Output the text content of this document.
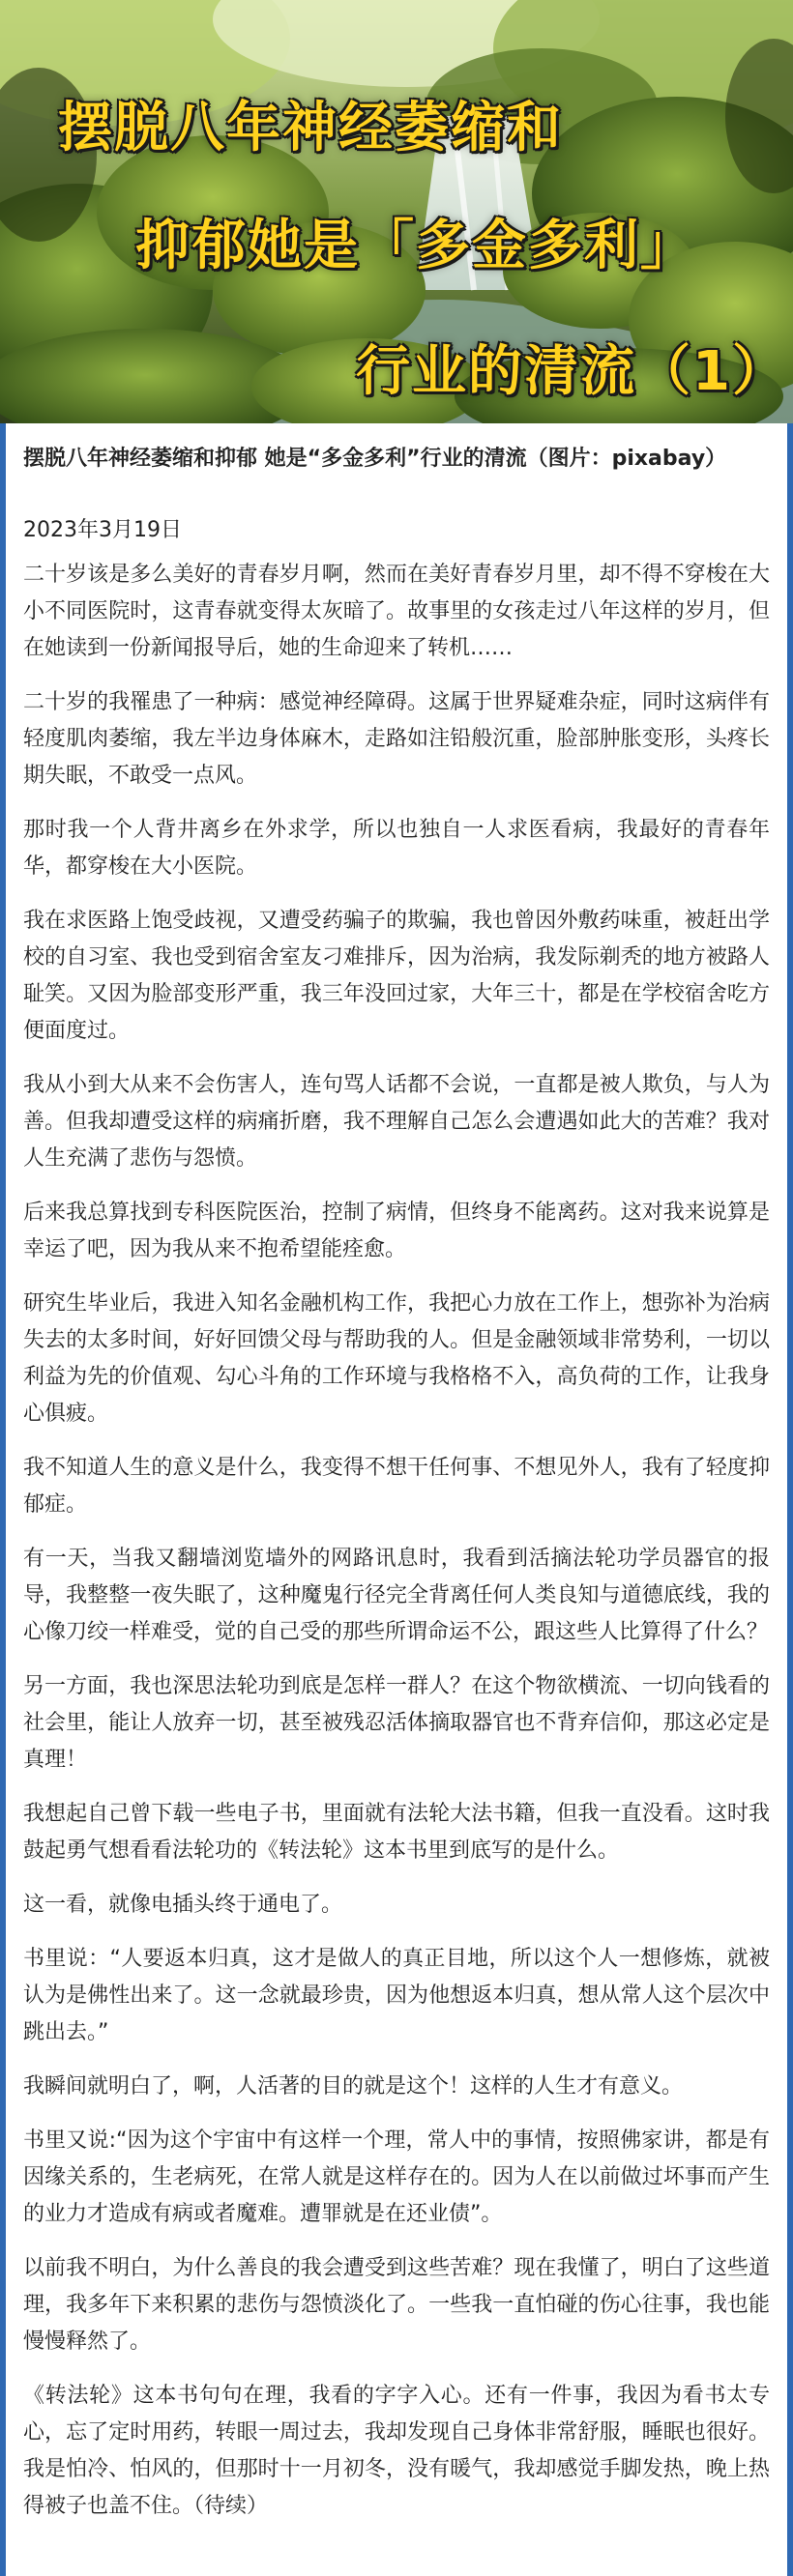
摆脱八年神经萎缩和
抑郁她是「多金多利」
行业的清流（1）
摆脱八年神经萎缩和抑郁 她是“多金多利”行业的清流（图片：pixabay）
2023年3月19日

二十岁该是多么美好的青春岁月啊，然而在美好青春岁月里，却不得不穿梭在大小不同医院时，这青春就变得太灰暗了。故事里的女孩走过八年这样的岁月，但在她读到一份新闻报导后，她的生命迎来了转机……

二十岁的我罹患了一种病：感觉神经障碍。这属于世界疑难杂症，同时这病伴有轻度肌肉萎缩，我左半边身体麻木，走路如注铅般沉重，脸部肿胀变形，头疼长期失眠，不敢受一点风。

那时我一个人背井离乡在外求学，所以也独自一人求医看病，我最好的青春年华，都穿梭在大小医院。

我在求医路上饱受歧视，又遭受药骗子的欺骗，我也曾因外敷药味重，被赶出学校的自习室、我也受到宿舍室友刁难排斥，因为治病，我发际剃秃的地方被路人耻笑。又因为脸部变形严重，我三年没回过家，大年三十，都是在学校宿舍吃方便面度过。

我从小到大从来不会伤害人，连句骂人话都不会说，一直都是被人欺负，与人为善。但我却遭受这样的病痛折磨，我不理解自己怎么会遭遇如此大的苦难？我对人生充满了悲伤与怨愤。

后来我总算找到专科医院医治，控制了病情，但终身不能离药。这对我来说算是幸运了吧，因为我从来不抱希望能痊愈。

研究生毕业后，我进入知名金融机构工作，我把心力放在工作上，想弥补为治病失去的太多时间，好好回馈父母与帮助我的人。但是金融领域非常势利，一切以利益为先的价值观、勾心斗角的工作环境与我格格不入，高负荷的工作，让我身心俱疲。

我不知道人生的意义是什么，我变得不想干任何事、不想见外人，我有了轻度抑郁症。

有一天，当我又翻墙浏览墙外的网路讯息时，我看到活摘法轮功学员器官的报导，我整整一夜失眠了，这种魔鬼行径完全背离任何人类良知与道德底线，我的心像刀绞一样难受，觉的自己受的那些所谓命运不公，跟这些人比算得了什么？

另一方面，我也深思法轮功到底是怎样一群人？在这个物欲横流、一切向钱看的社会里，能让人放弃一切，甚至被残忍活体摘取器官也不背弃信仰，那这必定是真理！

我想起自己曾下载一些电子书，里面就有法轮大法书籍，但我一直没看。这时我鼓起勇气想看看法轮功的《转法轮》这本书里到底写的是什么。

这一看，就像电插头终于通电了。

书里说：“人要返本归真，这才是做人的真正目地，所以这个人一想修炼，就被认为是佛性出来了。这一念就最珍贵，因为他想返本归真，想从常人这个层次中跳出去。”

我瞬间就明白了，啊，人活著的目的就是这个！这样的人生才有意义。

书里又说:“因为这个宇宙中有这样一个理，常人中的事情，按照佛家讲，都是有因缘关系的，生老病死，在常人就是这样存在的。因为人在以前做过坏事而产生的业力才造成有病或者魔难。遭罪就是在还业债”。

以前我不明白，为什么善良的我会遭受到这些苦难？现在我懂了，明白了这些道理，我多年下来积累的悲伤与怨愤淡化了。一些我一直怕碰的伤心往事，我也能慢慢释然了。

《转法轮》这本书句句在理，我看的字字入心。还有一件事，我因为看书太专心，忘了定时用药，转眼一周过去，我却发现自己身体非常舒服，睡眠也很好。我是怕冷、怕风的，但那时十一月初冬，没有暖气，我却感觉手脚发热，晚上热得被子也盖不住。（待续）
